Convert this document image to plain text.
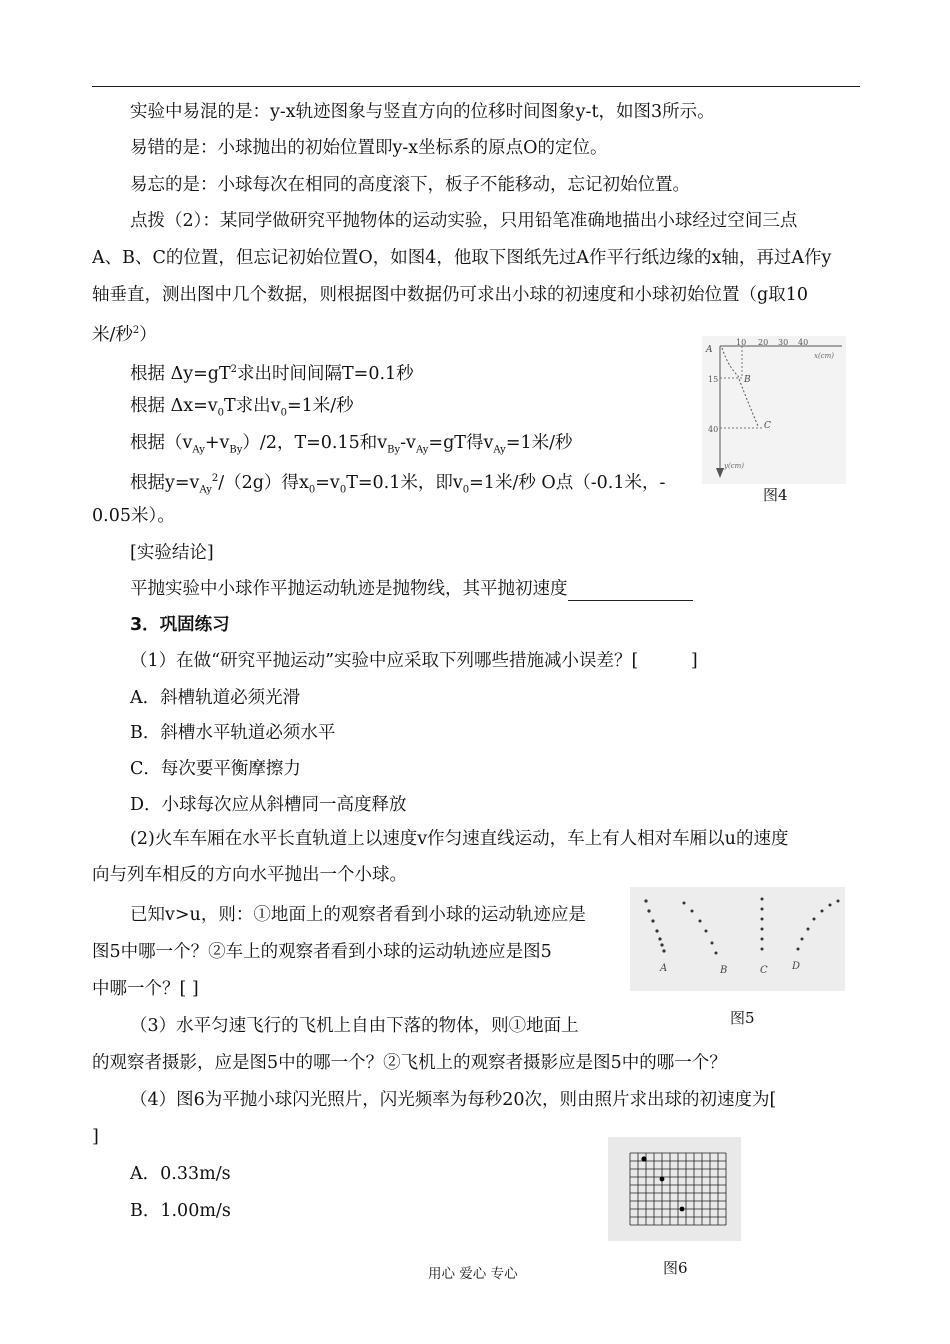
实验中易混的是：y-x轨迹图象与竖直方向的位移时间图象y-t，如图3所示。
易错的是：小球抛出的初始位置即y-x坐标系的原点O的定位。
易忘的是：小球每次在相同的高度滚下，板子不能移动，忘记初始位置。
点拨（2）：某同学做研究平抛物体的运动实验，只用铅笔准确地描出小球经过空间三点
A、B、C的位置，但忘记初始位置O，如图4，他取下图纸先过A作平行纸边缘的x轴，再过A作y
轴垂直，测出图中几个数据，则根据图中数据仍可求出小球的初速度和小球初始位置（g取10
米/秒$^2$）
根据 $\Delta y=gT^2$求出时间间隔T=0.1秒
根据 $\Delta x=v_0T$求出$v_0=1$米/秒
根据$(v_{Ay}+v_{By})/2$，T=0.15和$v_{By}-v_{Ay}=gT$得$v_{Ay}=1$米/秒
根据$y=v_{Ay}^2/(2g)$得$x_0=v_0T=0.1$米，即$v_0=1$米/秒 O点（-0.1米，-
0.05米）。
[实验结论]
平抛实验中小球作平抛运动轨迹是抛物线，其平抛初速度
3．巩固练习
（1）在做“研究平抛运动”实验中应采取下列哪些措施减小误差？[　　　]
A．斜槽轨道必须光滑
B．斜槽水平轨道必须水平
C．每次要平衡摩擦力
D．小球每次应从斜槽同一高度释放
(2)火车车厢在水平长直轨道上以速度v作匀速直线运动，车上有人相对车厢以u的速度
向与列车相反的方向水平抛出一个小球。
已知v>u，则：①地面上的观察者看到小球的运动轨迹应是
图5中哪一个？②车上的观察者看到小球的运动轨迹应是图5
中哪一个？[ ]
（3）水平匀速飞行的飞机上自由下落的物体，则①地面上
的观察者摄影，应是图5中的哪一个？②飞机上的观察者摄影应是图5中的哪一个？
（4）图6为平抛小球闪光照片，闪光频率为每秒20次，则由照片求出球的初速度为[
]
A．0.33m/s
B．1.00m/s
10 20 30 40
x(cm)
15
40
y(cm)
A
B
C
图4
A	B	C D
图5
图6
用心 爱心 专心
